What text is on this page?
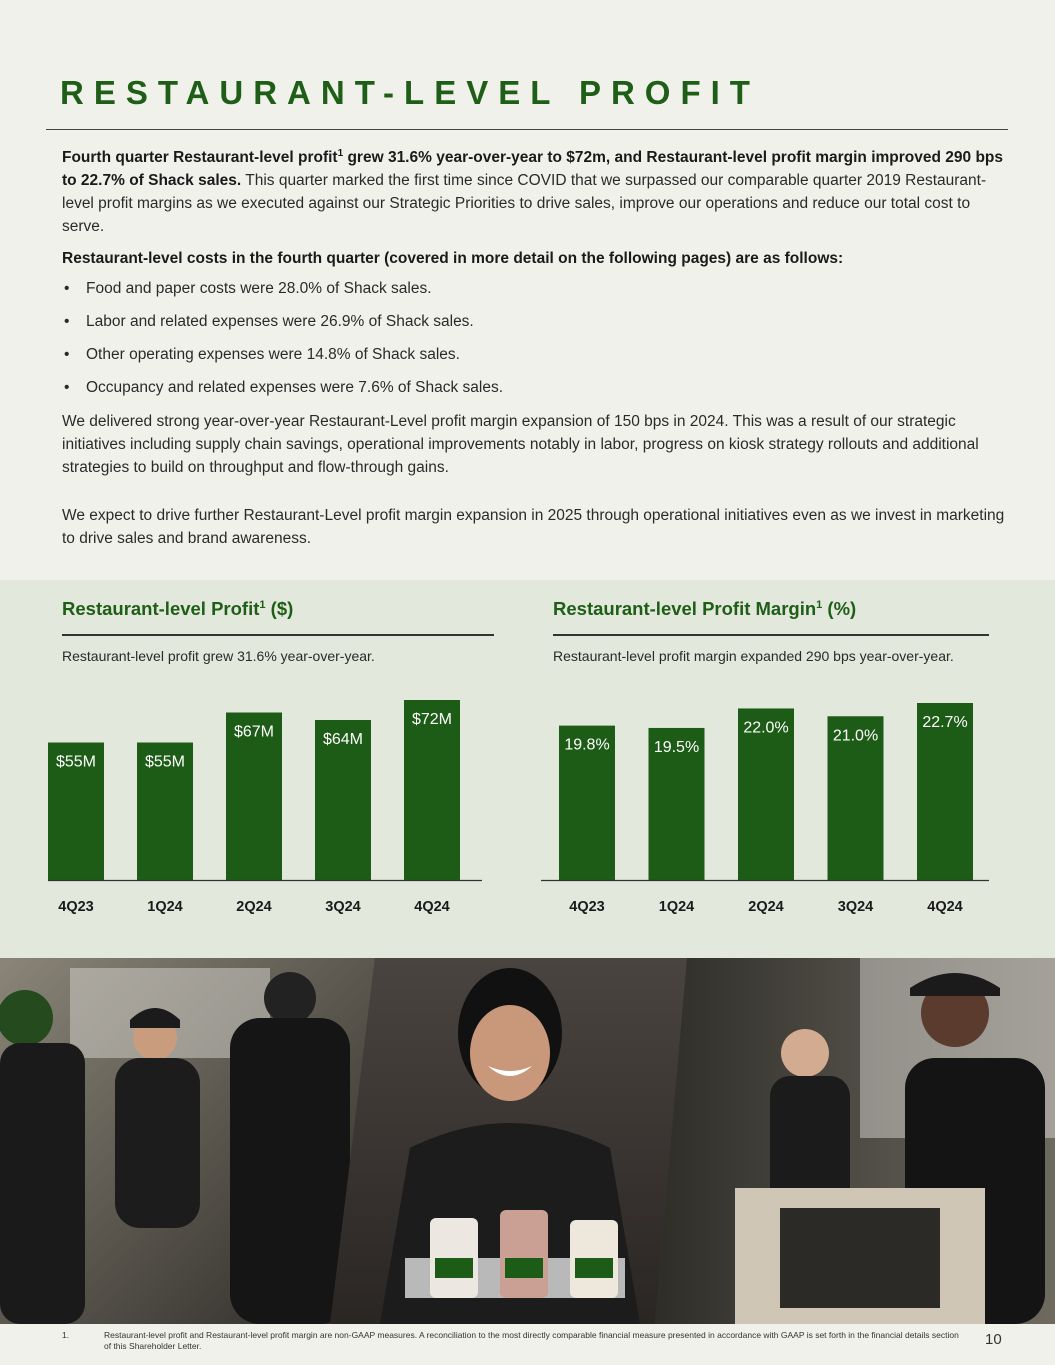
RESTAURANT-LEVEL PROFIT

Fourth quarter Restaurant-level profit$^1$ grew 31.6% year-over-year to $72m, and Restaurant-level profit margin improved 290 bps to 22.7% of Shack sales. This quarter marked the first time since COVID that we surpassed our comparable quarter 2019 Restaurant-level profit margins as we executed against our Strategic Priorities to drive sales, improve our operations and reduce our total cost to serve.

Restaurant-level costs in the fourth quarter (covered in more detail on the following pages) are as follows:

• Food and paper costs were 28.0% of Shack sales.
• Labor and related expenses were 26.9% of Shack sales.
• Other operating expenses were 14.8% of Shack sales.
• Occupancy and related expenses were 7.6% of Shack sales.

We delivered strong year-over-year Restaurant-Level profit margin expansion of 150 bps in 2024. This was a result of our strategic initiatives including supply chain savings, operational improvements notably in labor, progress on kiosk strategy rollouts and additional strategies to build on throughput and flow-through gains.

We expect to drive further Restaurant-Level profit margin expansion in 2025 through operational initiatives even as we invest in marketing to drive sales and brand awareness.

Restaurant-level Profit$^1$ ($)
Restaurant-level profit grew 31.6% year-over-year.
$55M
4Q23
$55M
1Q24
$67M
2Q24
$64M
3Q24
$72M
4Q24
Restaurant-level Profit Margin$^1$ (%)
Restaurant-level profit margin expanded 290 bps year-over-year.
19.8%
4Q23
19.5%
1Q24
22.0%
2Q24
21.0%
3Q24
22.7%
4Q24
1.	Restaurant-level profit and Restaurant-level profit margin are non-GAAP measures. A reconciliation to the most directly comparable financial measure presented in accordance with GAAP is set forth in the financial details section of this Shareholder Letter.	10
